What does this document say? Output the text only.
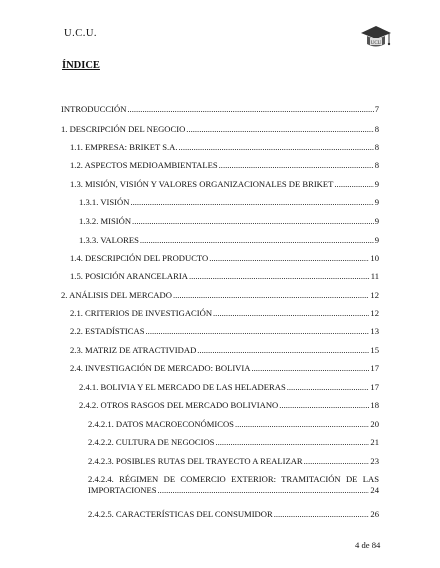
U.C.U.
UCU
ÍNDICE
INTRODUCCIÓN .....	7
1. DESCRIPCIÓN DEL NEGOCIO .....	8
1.1. EMPRESA: BRIKET S.A. .....	8
1.2. ASPECTOS MEDIOAMBIENTALES .....	8
1.3. MISIÓN, VISIÓN Y VALORES ORGANIZACIONALES DE BRIKET .....	9
1.3.1. VISIÓN .....	9
1.3.2. MISIÓN .....	9
1.3.3. VALORES .....	9
1.4. DESCRIPCIÓN DEL PRODUCTO .....	10
1.5. POSICIÓN ARANCELARIA .....	11
2. ANÁLISIS DEL MERCADO .....	12
2.1. CRITERIOS DE INVESTIGACIÓN .....	12
2.2. ESTADÍSTICAS .....	13
2.3. MATRIZ DE ATRACTIVIDAD .....	15
2.4. INVESTIGACIÓN DE MERCADO: BOLIVIA .....	17
2.4.1. BOLIVIA Y EL MERCADO DE LAS HELADERAS .....	17
2.4.2. OTROS RASGOS DEL MERCADO BOLIVIANO .....	18
2.4.2.1. DATOS MACROECONÓMICOS .....	20
2.4.2.2. CULTURA DE NEGOCIOS .....	21
2.4.2.3. POSIBLES RUTAS DEL TRAYECTO A REALIZAR .....	23
2.4.2.4. RÉGIMEN DE COMERCIO EXTERIOR: TRAMITACIÓN DE LAS
IMPORTACIONES .....	24
2.4.2.5. CARACTERÍSTICAS DEL CONSUMIDOR .....	26
4 de 84
